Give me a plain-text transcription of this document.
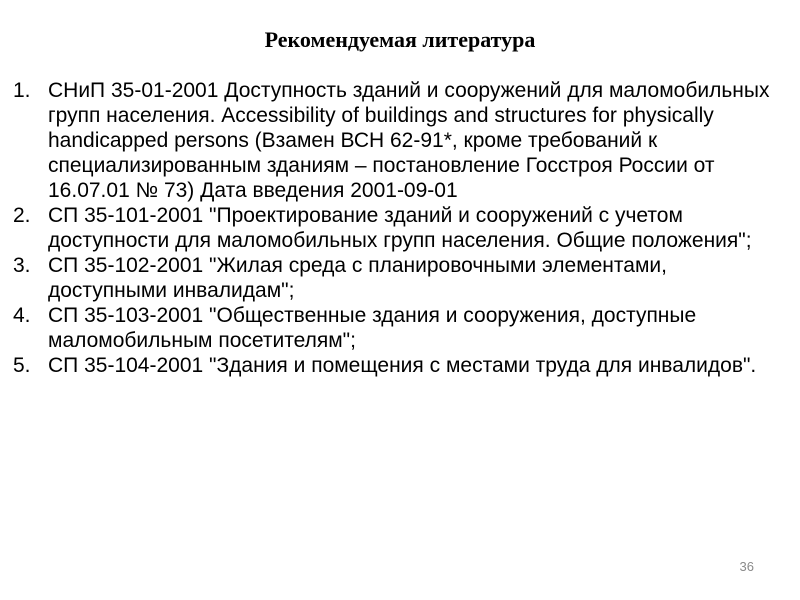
Рекомендуемая литература
1. СНиП 35-01-2001 Доступность зданий и сооружений для маломобильных групп населения. Accessibility of buildings and structures for physically handicapped persons (Взамен ВСН 62-91*, кроме требований к специализированным зданиям – постановление Госстроя России от 16.07.01 № 73) Дата введения 2001-09-01
2. СП 35-101-2001 "Проектирование зданий и сооружений с учетом доступности для маломобильных групп населения. Общие положения";
3. СП 35-102-2001 "Жилая среда с планировочными элементами, доступными инвалидам";
4. СП 35-103-2001 "Общественные здания и сооружения, доступные маломобильным посетителям";
5. СП 35-104-2001 "Здания и помещения с местами труда для инвалидов".
36
